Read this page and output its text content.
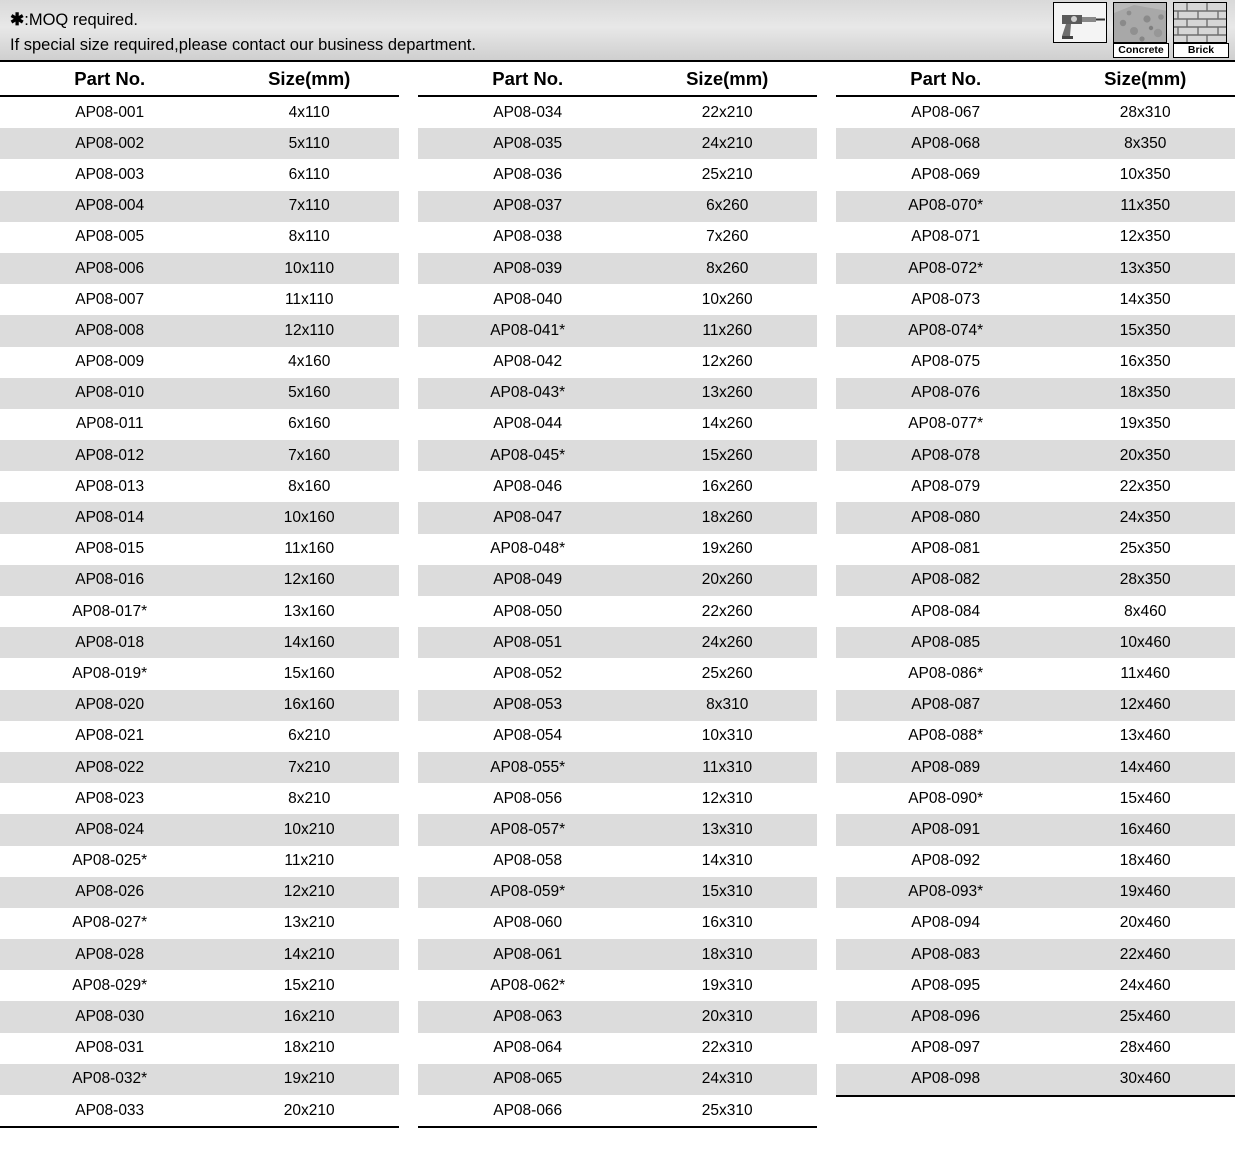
✱:MOQ required.
If special size required,please contact our business department.	Concrete	Brick
Part No.	Size(mm)
AP08-001	4x110
AP08-002	5x110
AP08-003	6x110
AP08-004	7x110
AP08-005	8x110
AP08-006	10x110
AP08-007	11x110
AP08-008	12x110
AP08-009	4x160
AP08-010	5x160
AP08-011	6x160
AP08-012	7x160
AP08-013	8x160
AP08-014	10x160
AP08-015	11x160
AP08-016	12x160
AP08-017*	13x160
AP08-018	14x160
AP08-019*	15x160
AP08-020	16x160
AP08-021	6x210
AP08-022	7x210
AP08-023	8x210
AP08-024	10x210
AP08-025*	11x210
AP08-026	12x210
AP08-027*	13x210
AP08-028	14x210
AP08-029*	15x210
AP08-030	16x210
AP08-031	18x210
AP08-032*	19x210
AP08-033	20x210
Part No.	Size(mm)
AP08-034	22x210
AP08-035	24x210
AP08-036	25x210
AP08-037	6x260
AP08-038	7x260
AP08-039	8x260
AP08-040	10x260
AP08-041*	11x260
AP08-042	12x260
AP08-043*	13x260
AP08-044	14x260
AP08-045*	15x260
AP08-046	16x260
AP08-047	18x260
AP08-048*	19x260
AP08-049	20x260
AP08-050	22x260
AP08-051	24x260
AP08-052	25x260
AP08-053	8x310
AP08-054	10x310
AP08-055*	11x310
AP08-056	12x310
AP08-057*	13x310
AP08-058	14x310
AP08-059*	15x310
AP08-060	16x310
AP08-061	18x310
AP08-062*	19x310
AP08-063	20x310
AP08-064	22x310
AP08-065	24x310
AP08-066	25x310
Part No.	Size(mm)
AP08-067	28x310
AP08-068	8x350
AP08-069	10x350
AP08-070*	11x350
AP08-071	12x350
AP08-072*	13x350
AP08-073	14x350
AP08-074*	15x350
AP08-075	16x350
AP08-076	18x350
AP08-077*	19x350
AP08-078	20x350
AP08-079	22x350
AP08-080	24x350
AP08-081	25x350
AP08-082	28x350
AP08-084	8x460
AP08-085	10x460
AP08-086*	11x460
AP08-087	12x460
AP08-088*	13x460
AP08-089	14x460
AP08-090*	15x460
AP08-091	16x460
AP08-092	18x460
AP08-093*	19x460
AP08-094	20x460
AP08-083	22x460
AP08-095	24x460
AP08-096	25x460
AP08-097	28x460
AP08-098	30x460
